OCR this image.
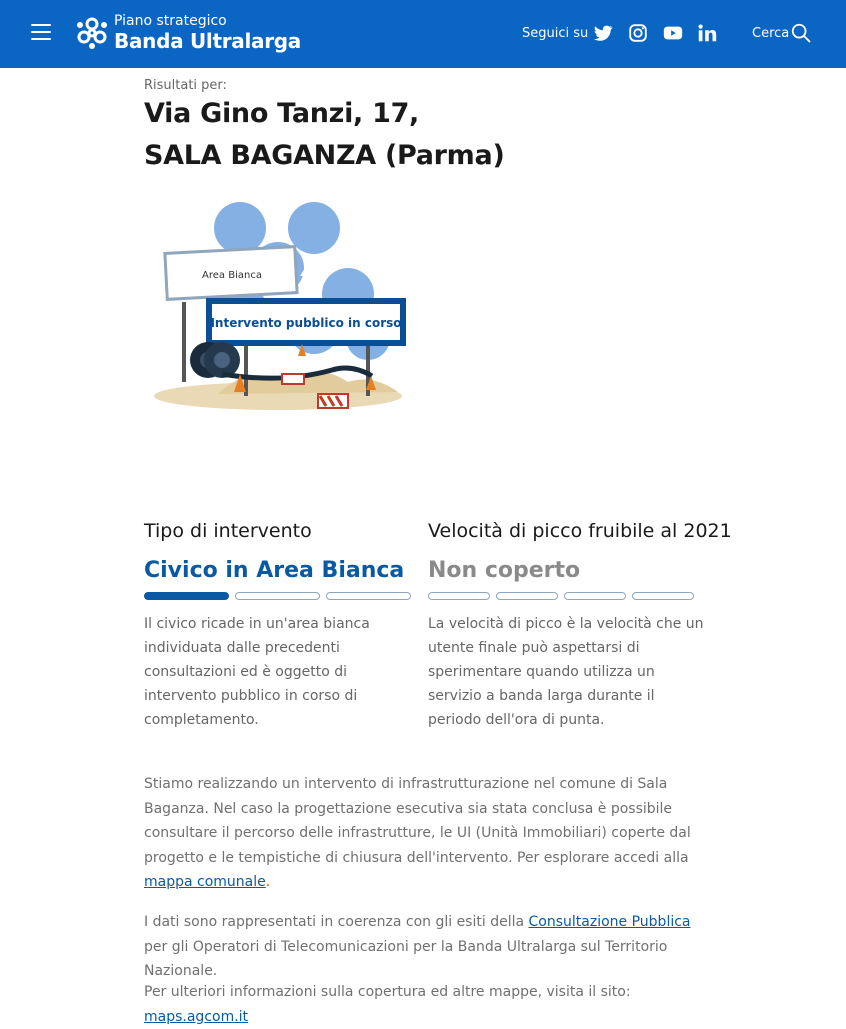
Piano strategico
Banda Ultralarga	Seguici su	Cerca
Risultati per:
Via Gino Tanzi, 17,
SALA BAGANZA (Parma)
Area Bianca
Intervento pubblico in corso
Tipo di intervento
Civico in Area Bianca
Il civico ricade in un'area bianca individuata dalle precedenti consultazioni ed è oggetto di intervento pubblico in corso di completamento.
Velocità di picco fruibile al 2021
Non coperto
La velocità di picco è la velocità che un utente finale può aspettarsi di sperimentare quando utilizza un servizio a banda larga durante il periodo dell'ora di punta.
Stiamo realizzando un intervento di infrastrutturazione nel comune di Sala Baganza. Nel caso la progettazione esecutiva sia stata conclusa è possibile consultare il percorso delle infrastrutture, le UI (Unità Immobiliari) coperte dal progetto e le tempistiche di chiusura dell'intervento. Per esplorare accedi alla mappa comunale.
I dati sono rappresentati in coerenza con gli esiti della Consultazione Pubblica per gli Operatori di Telecomunicazioni per la Banda Ultralarga sul Territorio Nazionale.
Per ulteriori informazioni sulla copertura ed altre mappe, visita il sito: maps.agcom.it
